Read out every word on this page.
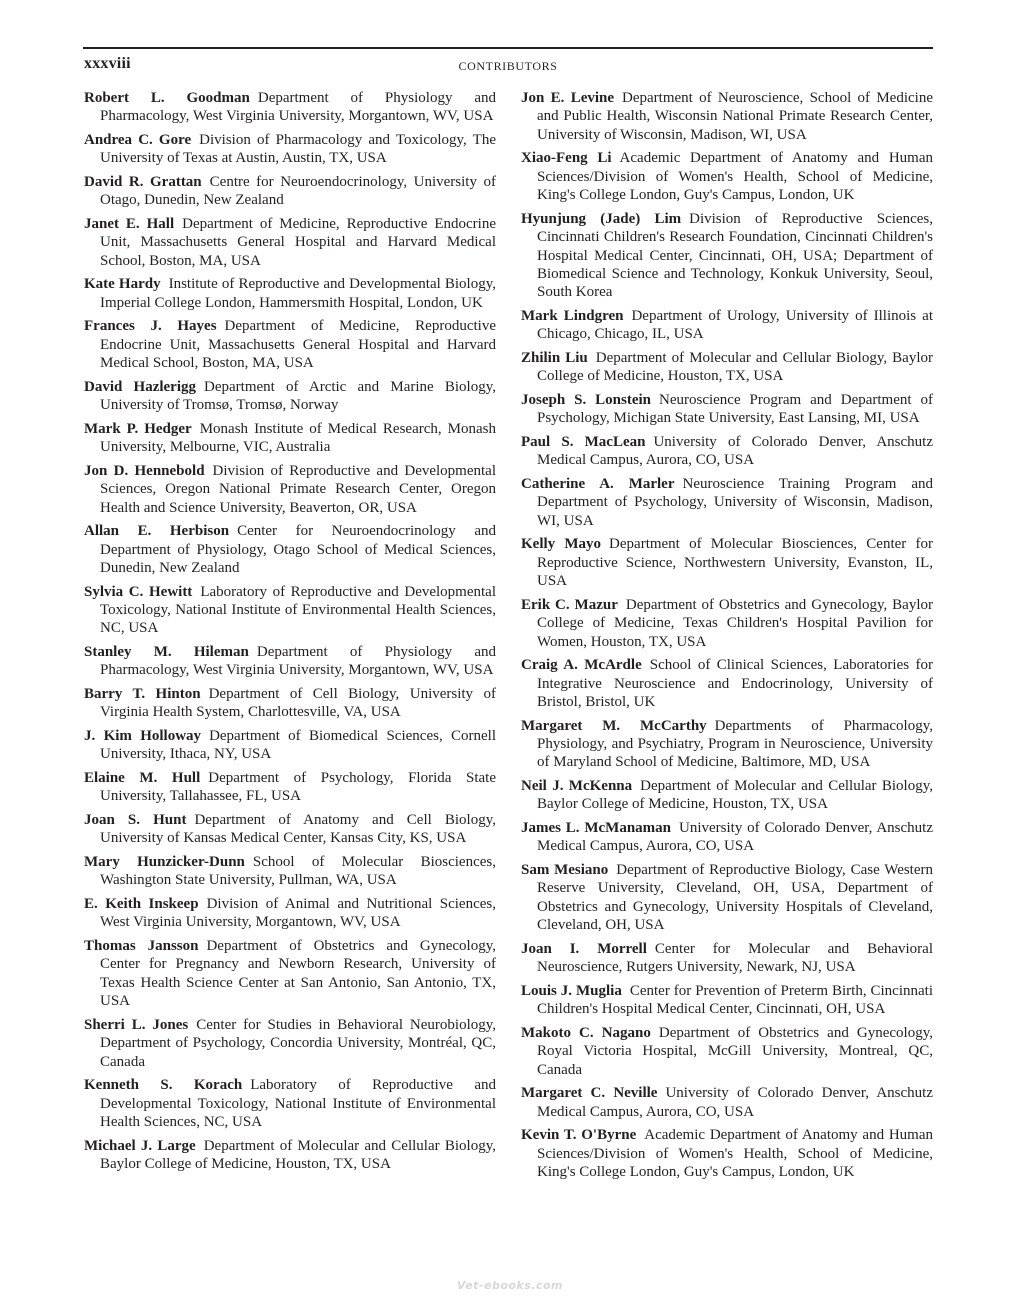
xxxviii	CONTRIBUTORS
Robert L. Goodman Department of Physiology and Pharmacology, West Virginia University, Morgantown, WV, USA
Andrea C. Gore Division of Pharmacology and Toxicology, The University of Texas at Austin, Austin, TX, USA
David R. Grattan Centre for Neuroendocrinology, University of Otago, Dunedin, New Zealand
Janet E. Hall Department of Medicine, Reproductive Endocrine Unit, Massachusetts General Hospital and Harvard Medical School, Boston, MA, USA
Kate Hardy Institute of Reproductive and Developmental Biology, Imperial College London, Hammersmith Hospital, London, UK
Frances J. Hayes Department of Medicine, Reproductive Endocrine Unit, Massachusetts General Hospital and Harvard Medical School, Boston, MA, USA
David Hazlerigg Department of Arctic and Marine Biology, University of Tromsø, Tromsø, Norway
Mark P. Hedger Monash Institute of Medical Research, Monash University, Melbourne, VIC, Australia
Jon D. Hennebold Division of Reproductive and Developmental Sciences, Oregon National Primate Research Center, Oregon Health and Science University, Beaverton, OR, USA
Allan E. Herbison Center for Neuroendocrinology and Department of Physiology, Otago School of Medical Sciences, Dunedin, New Zealand
Sylvia C. Hewitt Laboratory of Reproductive and Developmental Toxicology, National Institute of Environmental Health Sciences, NC, USA
Stanley M. Hileman Department of Physiology and Pharmacology, West Virginia University, Morgantown, WV, USA
Barry T. Hinton Department of Cell Biology, University of Virginia Health System, Charlottesville, VA, USA
J. Kim Holloway Department of Biomedical Sciences, Cornell University, Ithaca, NY, USA
Elaine M. Hull Department of Psychology, Florida State University, Tallahassee, FL, USA
Joan S. Hunt Department of Anatomy and Cell Biology, University of Kansas Medical Center, Kansas City, KS, USA
Mary Hunzicker-Dunn School of Molecular Biosciences, Washington State University, Pullman, WA, USA
E. Keith Inskeep Division of Animal and Nutritional Sciences, West Virginia University, Morgantown, WV, USA
Thomas Jansson Department of Obstetrics and Gynecology, Center for Pregnancy and Newborn Research, University of Texas Health Science Center at San Antonio, San Antonio, TX, USA
Sherri L. Jones Center for Studies in Behavioral Neurobiology, Department of Psychology, Concordia University, Montréal, QC, Canada
Kenneth S. Korach Laboratory of Reproductive and Developmental Toxicology, National Institute of Environmental Health Sciences, NC, USA
Michael J. Large Department of Molecular and Cellular Biology, Baylor College of Medicine, Houston, TX, USA
Jon E. Levine Department of Neuroscience, School of Medicine and Public Health, Wisconsin National Primate Research Center, University of Wisconsin, Madison, WI, USA
Xiao-Feng Li Academic Department of Anatomy and Human Sciences/Division of Women's Health, School of Medicine, King's College London, Guy's Campus, London, UK
Hyunjung (Jade) Lim Division of Reproductive Sciences, Cincinnati Children's Research Foundation, Cincinnati Children's Hospital Medical Center, Cincinnati, OH, USA; Department of Biomedical Science and Technology, Konkuk University, Seoul, South Korea
Mark Lindgren Department of Urology, University of Illinois at Chicago, Chicago, IL, USA
Zhilin Liu Department of Molecular and Cellular Biology, Baylor College of Medicine, Houston, TX, USA
Joseph S. Lonstein Neuroscience Program and Department of Psychology, Michigan State University, East Lansing, MI, USA
Paul S. MacLean University of Colorado Denver, Anschutz Medical Campus, Aurora, CO, USA
Catherine A. Marler Neuroscience Training Program and Department of Psychology, University of Wisconsin, Madison, WI, USA
Kelly Mayo Department of Molecular Biosciences, Center for Reproductive Science, Northwestern University, Evanston, IL, USA
Erik C. Mazur Department of Obstetrics and Gynecology, Baylor College of Medicine, Texas Children's Hospital Pavilion for Women, Houston, TX, USA
Craig A. McArdle School of Clinical Sciences, Laboratories for Integrative Neuroscience and Endocrinology, University of Bristol, Bristol, UK
Margaret M. McCarthy Departments of Pharmacology, Physiology, and Psychiatry, Program in Neuroscience, University of Maryland School of Medicine, Baltimore, MD, USA
Neil J. McKenna Department of Molecular and Cellular Biology, Baylor College of Medicine, Houston, TX, USA
James L. McManaman University of Colorado Denver, Anschutz Medical Campus, Aurora, CO, USA
Sam Mesiano Department of Reproductive Biology, Case Western Reserve University, Cleveland, OH, USA, Department of Obstetrics and Gynecology, University Hospitals of Cleveland, Cleveland, OH, USA
Joan I. Morrell Center for Molecular and Behavioral Neuroscience, Rutgers University, Newark, NJ, USA
Louis J. Muglia Center for Prevention of Preterm Birth, Cincinnati Children's Hospital Medical Center, Cincinnati, OH, USA
Makoto C. Nagano Department of Obstetrics and Gynecology, Royal Victoria Hospital, McGill University, Montreal, QC, Canada
Margaret C. Neville University of Colorado Denver, Anschutz Medical Campus, Aurora, CO, USA
Kevin T. O'Byrne Academic Department of Anatomy and Human Sciences/Division of Women's Health, School of Medicine, King's College London, Guy's Campus, London, UK
Vet-ebooks.com
